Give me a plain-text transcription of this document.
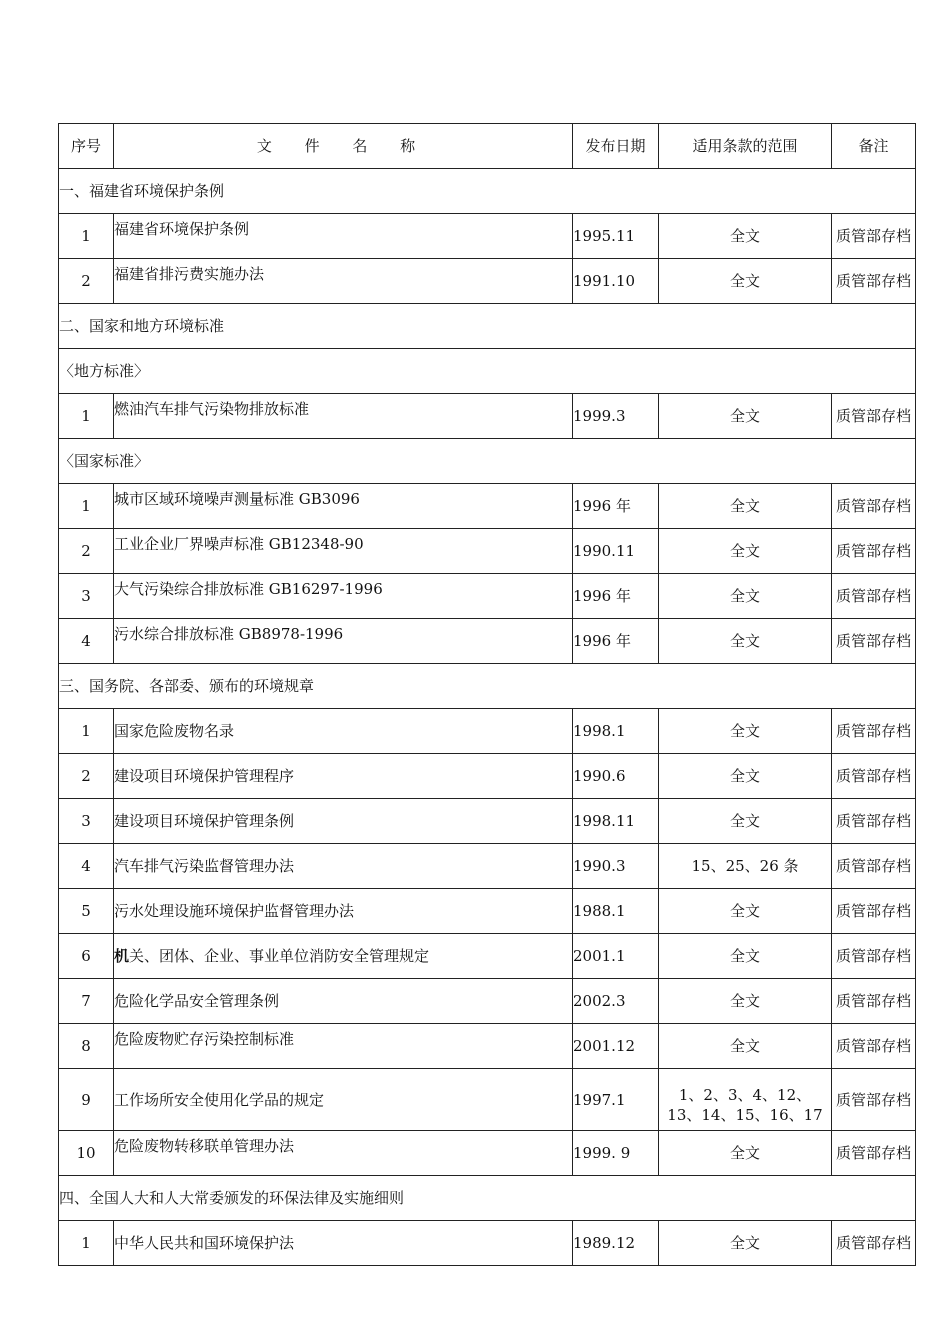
序号	文 件 名 称	发布日期	适用条款的范围	备注
一、福建省环境保护条例				
1	福建省环境保护条例	1995.11	全文	质管部存档
2	福建省排污费实施办法	1991.10	全文	质管部存档
二、国家和地方环境标准				
〈地方标准〉				
1	燃油汽车排气污染物排放标准	1999.3	全文	质管部存档
〈国家标准〉				
1	城市区域环境噪声测量标准 GB3096	1996 年	全文	质管部存档
2	工业企业厂界噪声标准 GB12348-90	1990.11	全文	质管部存档
3	大气污染综合排放标准 GB16297-1996	1996 年	全文	质管部存档
4	污水综合排放标准 GB8978-1996	1996 年	全文	质管部存档
三、国务院、各部委、颁布的环境规章				
1	国家危险废物名录	1998.1	全文	质管部存档
2	建设项目环境保护管理程序	1990.6	全文	质管部存档
3	建设项目环境保护管理条例	1998.11	全文	质管部存档
4	汽车排气污染监督管理办法	1990.3	15、25、26 条	质管部存档
5	污水处理设施环境保护监督管理办法	1988.1	全文	质管部存档
6	机关、团体、企业、事业单位消防安全管理规定	2001.1	全文	质管部存档
7	危险化学品安全管理条例	2002.3	全文	质管部存档
8	危险废物贮存污染控制标准	2001.12	全文	质管部存档
9	工作场所安全使用化学品的规定	1997.1	1、2、3、4、12、13、14、15、16、17	质管部存档
10	危险废物转移联单管理办法	1999. 9	全文	质管部存档
四、全国人大和人大常委颁发的环保法律及实施细则				
1	中华人民共和国环境保护法	1989.12	全文	质管部存档
